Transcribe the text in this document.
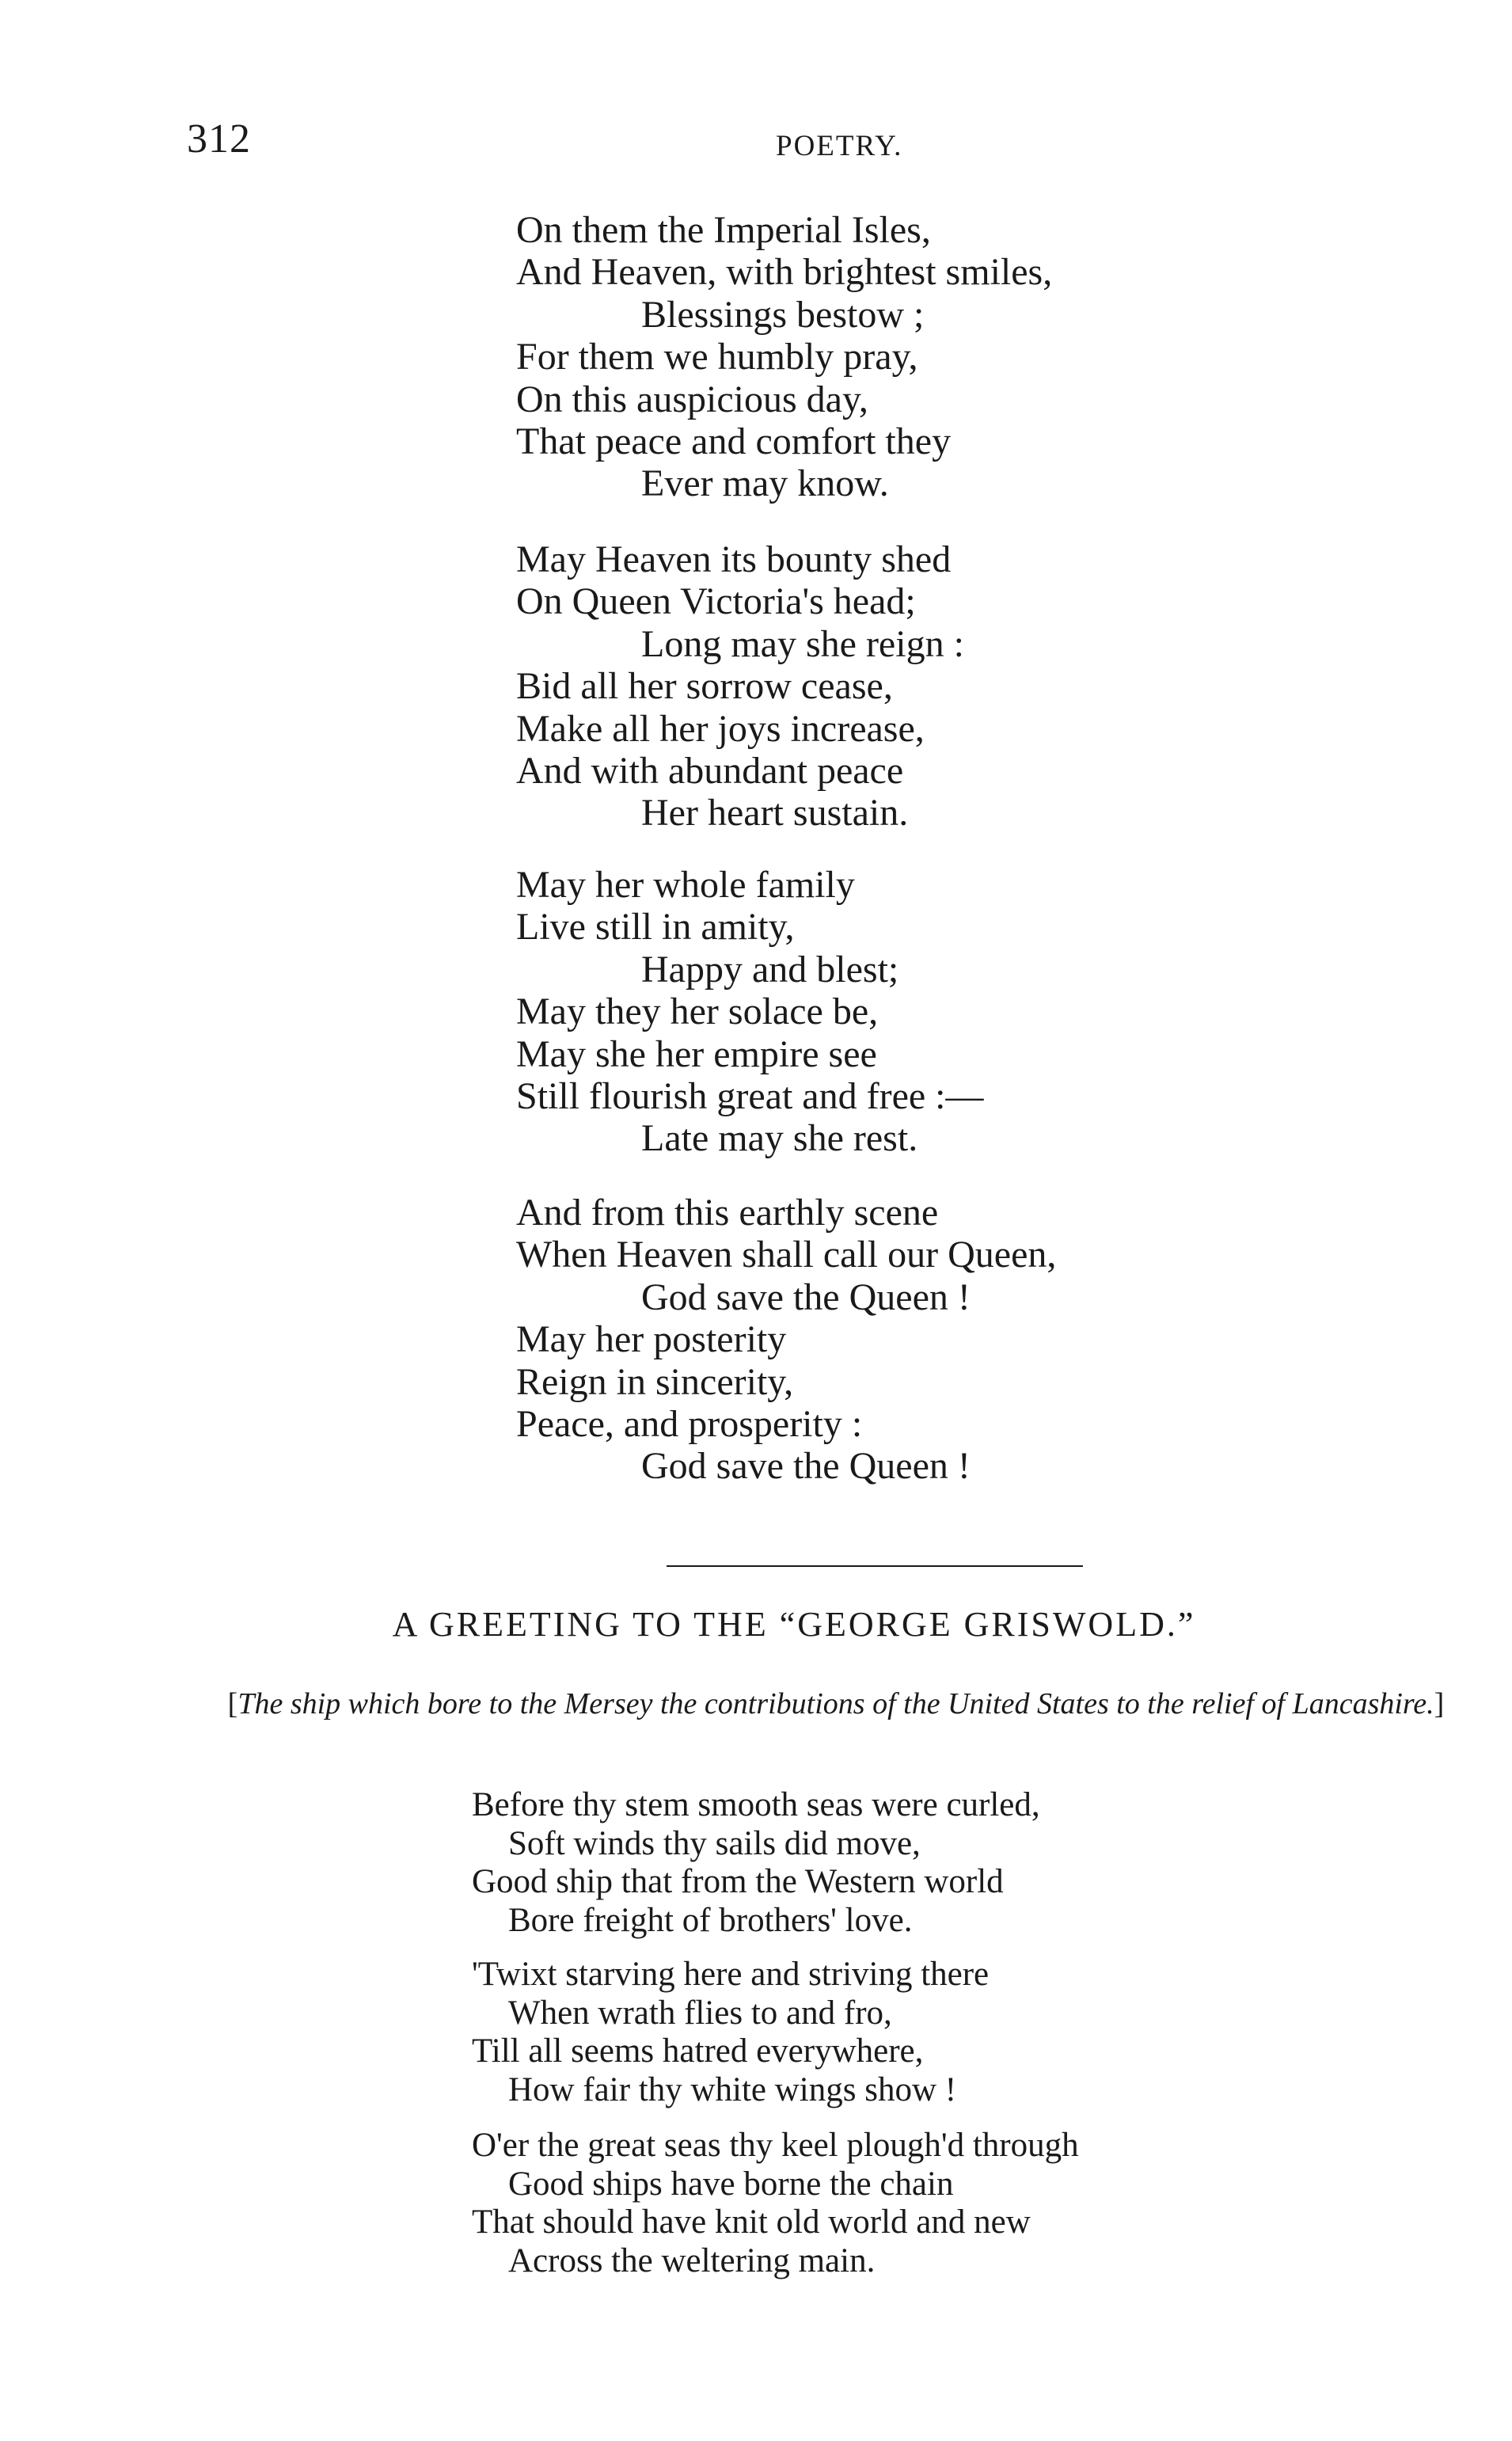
312	POETRY.
On them the Imperial Isles,
And Heaven, with brightest smiles,
Blessings bestow ;
For them we humbly pray,
On this auspicious day,
That peace and comfort they
Ever may know.
May Heaven its bounty shed
On Queen Victoria's head;
Long may she reign :
Bid all her sorrow cease,
Make all her joys increase,
And with abundant peace
Her heart sustain.
May her whole family
Live still in amity,
Happy and blest;
May they her solace be,
May she her empire see
Still flourish great and free :—
Late may she rest.
And from this earthly scene
When Heaven shall call our Queen,
God save the Queen !
May her posterity
Reign in sincerity,
Peace, and prosperity :
God save the Queen !
A GREETING TO THE “GEORGE GRISWOLD.”
[The ship which bore to the Mersey the contributions of the United States to the relief of Lancashire.]
Before thy stem smooth seas were curled,
Soft winds thy sails did move,
Good ship that from the Western world
Bore freight of brothers' love.
'Twixt starving here and striving there
When wrath flies to and fro,
Till all seems hatred everywhere,
How fair thy white wings show !
O'er the great seas thy keel plough'd through
Good ships have borne the chain
That should have knit old world and new
Across the weltering main.
